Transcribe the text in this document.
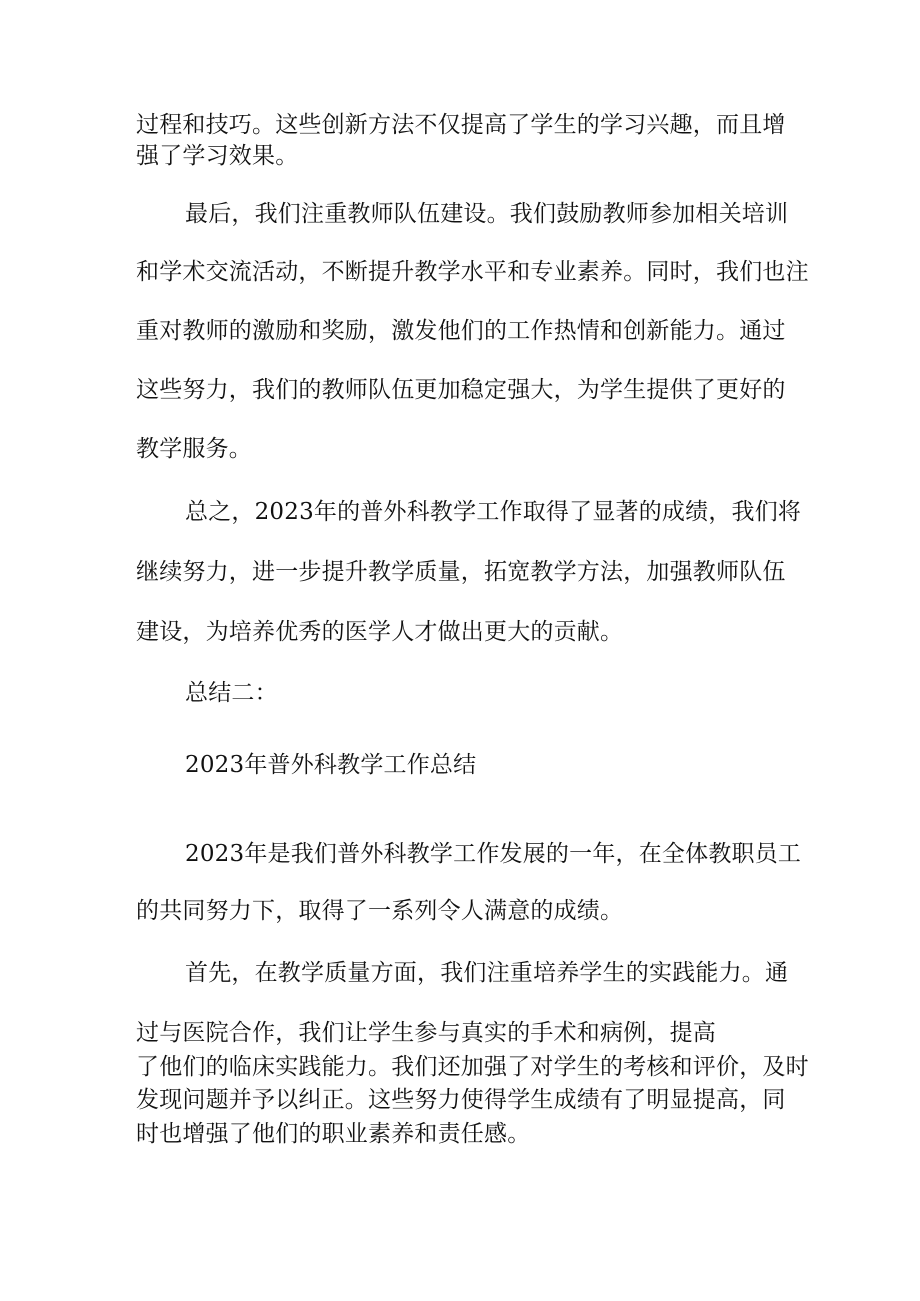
过程和技巧。这些创新方法不仅提高了学生的学习兴趣，而且增
强了学习效果。
最后，我们注重教师队伍建设。我们鼓励教师参加相关培训
和学术交流活动，不断提升教学水平和专业素养。同时，我们也注
重对教师的激励和奖励，激发他们的工作热情和创新能力。通过
这些努力，我们的教师队伍更加稳定强大，为学生提供了更好的
教学服务。
总之，2023年的普外科教学工作取得了显著的成绩，我们将
继续努力，进一步提升教学质量，拓宽教学方法，加强教师队伍
建设，为培养优秀的医学人才做出更大的贡献。
总结二：
2023年普外科教学工作总结
2023年是我们普外科教学工作发展的一年，在全体教职员工
的共同努力下，取得了一系列令人满意的成绩。
首先，在教学质量方面，我们注重培养学生的实践能力。通
过与医院合作，我们让学生参与真实的手术和病例，提高
了他们的临床实践能力。我们还加强了对学生的考核和评价，及时
发现问题并予以纠正。这些努力使得学生成绩有了明显提高，同
时也增强了他们的职业素养和责任感。
